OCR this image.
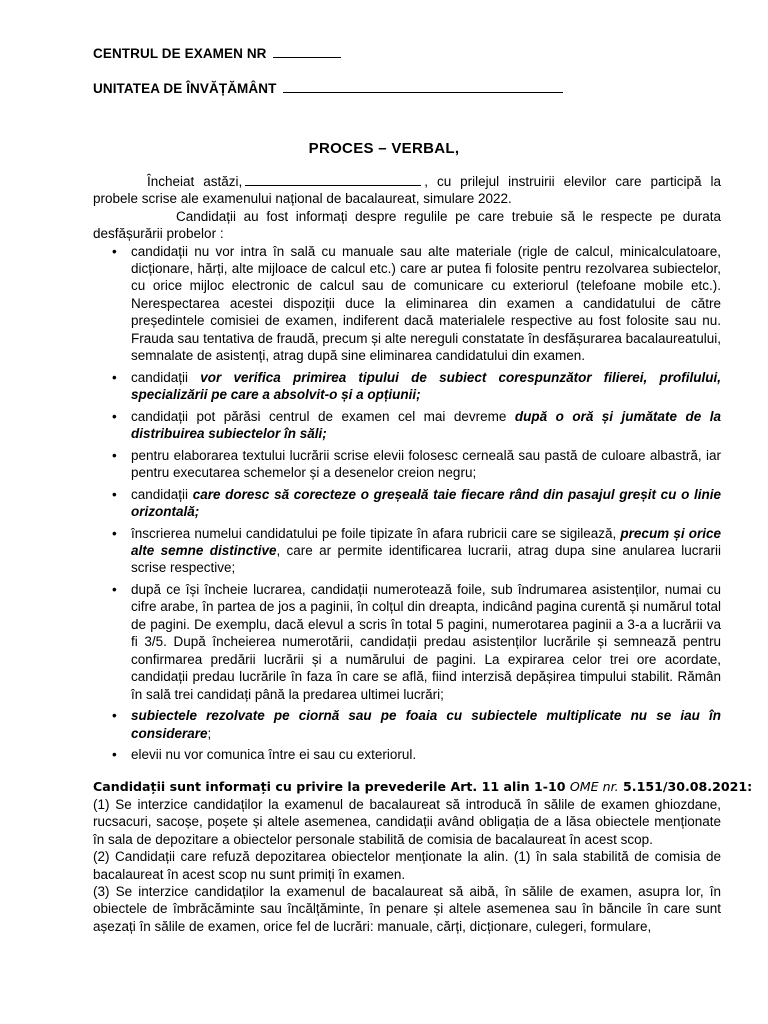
CENTRUL DE EXAMEN NR
UNITATEA DE ÎNVĂȚĂMÂNT
PROCES – VERBAL,

Încheiat astăzi,	, cu prilejul instruirii elevilor care participă la probele scrise ale examenului național de bacalaureat, simulare 2022.

Candidații au fost informați despre regulile pe care trebuie să le respecte pe durata desfășurării probelor :

• candidații nu vor intra în sală cu manuale sau alte materiale (rigle de calcul, minicalculatoare, dicționare, hărți, alte mijloace de calcul etc.) care ar putea fi folosite pentru rezolvarea subiectelor, cu orice mijloc electronic de calcul sau de comunicare cu exteriorul (telefoane mobile etc.). Nerespectarea acestei dispoziții duce la eliminarea din examen a candidatului de către președintele comisiei de examen, indiferent dacă materialele respective au fost folosite sau nu. Frauda sau tentativa de fraudă, precum și alte nereguli constatate în desfășurarea bacalaureatului, semnalate de asistenți, atrag după sine eliminarea candidatului din examen.
• candidații vor verifica primirea tipului de subiect corespunzător filierei, profilului, specializării pe care a absolvit-o și a opțiunii;
• candidații pot părăsi centrul de examen cel mai devreme după o oră și jumătate de la distribuirea subiectelor în săli;
• pentru elaborarea textului lucrării scrise elevii folosesc cerneală sau pastă de culoare albastră, iar pentru executarea schemelor și a desenelor creion negru;
• candidații care doresc să corecteze o greșeală taie fiecare rând din pasajul greșit cu o linie orizontală;
• înscrierea numelui candidatului pe foile tipizate în afara rubricii care se sigilează, precum și orice alte semne distinctive, care ar permite identificarea lucrarii, atrag dupa sine anularea lucrarii scrise respective;
• după ce își încheie lucrarea, candidații numerotează foile, sub îndrumarea asistenților, numai cu cifre arabe, în partea de jos a paginii, în colțul din dreapta, indicând pagina curentă și numărul total de pagini. De exemplu, dacă elevul a scris în total 5 pagini, numerotarea paginii a 3-a a lucrării va fi 3/5. După încheierea numerotării, candidații predau asistenților lucrările și semnează pentru confirmarea predării lucrării și a numărului de pagini. La expirarea celor trei ore acordate, candidații predau lucrările în faza în care se află, fiind interzisă depășirea timpului stabilit. Rămân în sală trei candidați până la predarea ultimei lucrări;
• subiectele rezolvate pe ciornă sau pe foaia cu subiectele multiplicate nu se iau în considerare;
• elevii nu vor comunica între ei sau cu exteriorul.

Candidații sunt informați cu privire la prevederile Art. 11 alin 1-10 OME nr. 5.151/30.08.2021:

(1) Se interzice candidaților la examenul de bacalaureat să introducă în sălile de examen ghiozdane, rucsacuri, sacoșe, poșete și altele asemenea, candidații având obligația de a lăsa obiectele menționate în sala de depozitare a obiectelor personale stabilită de comisia de bacalaureat în acest scop.

(2) Candidații care refuză depozitarea obiectelor menționate la alin. (1) în sala stabilită de comisia de bacalaureat în acest scop nu sunt primiți în examen.

(3) Se interzice candidaților la examenul de bacalaureat să aibă, în sălile de examen, asupra lor, în obiectele de îmbrăcăminte sau încălțăminte, în penare și altele asemenea sau în băncile în care sunt așezați în sălile de examen, orice fel de lucrări: manuale, cărți, dicționare, culegeri, formulare,
